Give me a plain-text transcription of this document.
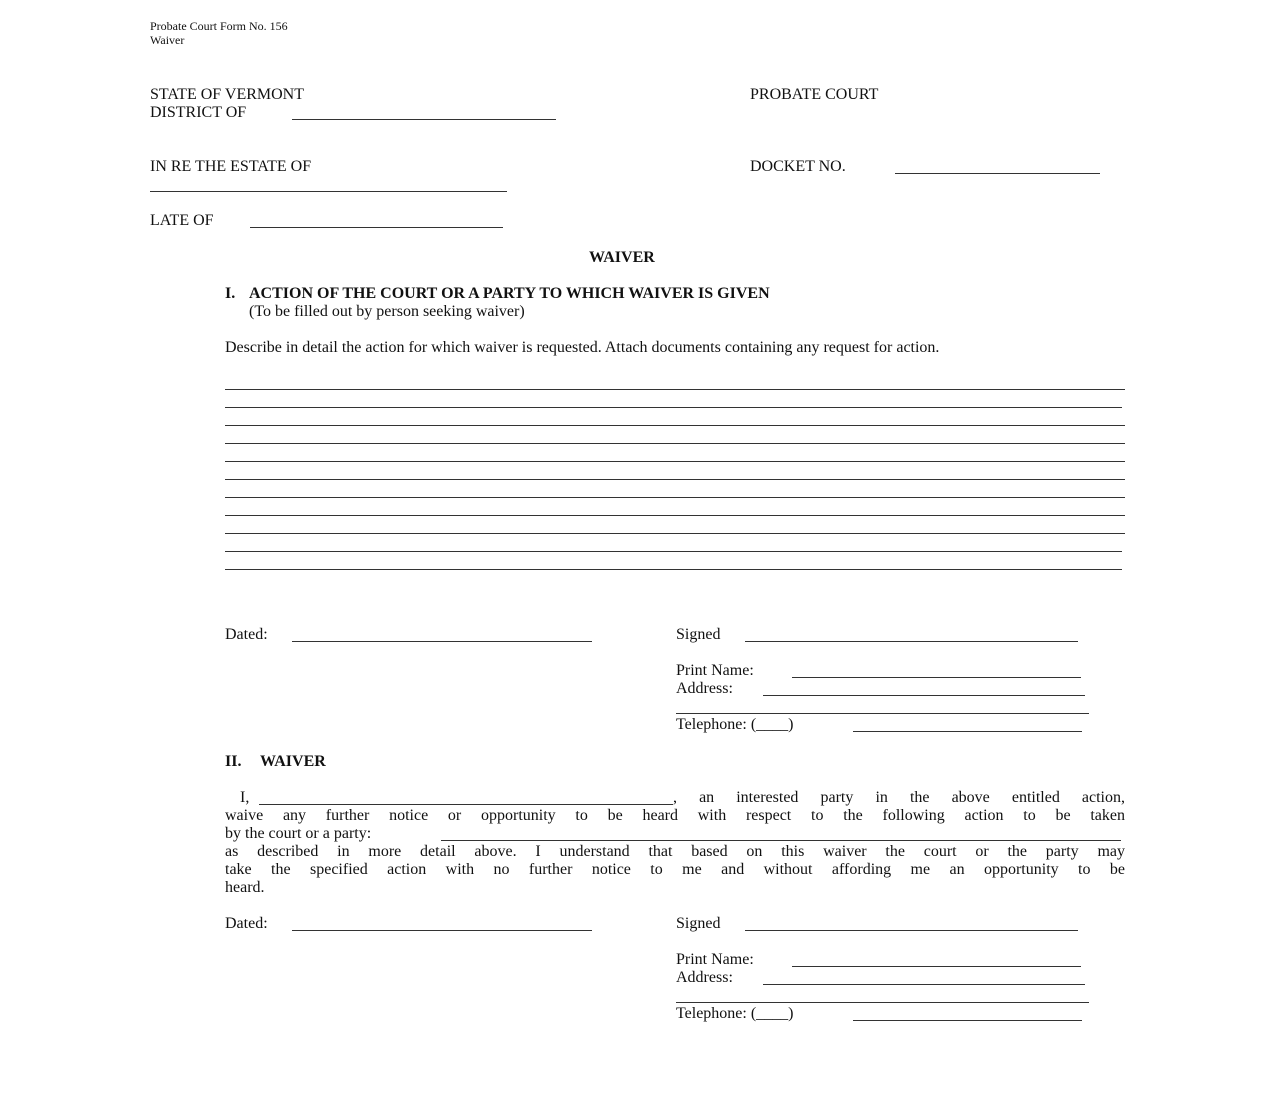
Probate Court Form No. 156
Waiver
STATE OF VERMONT
DISTRICT OF
PROBATE COURT
IN RE THE ESTATE OF	DOCKET NO.
LATE OF
WAIVER
I. ACTION OF THE COURT OR A PARTY TO WHICH WAIVER IS GIVEN
(To be filled out by person seeking waiver)
Describe in detail the action for which waiver is requested. Attach documents containing any request for action.
Dated:	Signed
Print Name:
Address:
Telephone: (____)
II. WAIVER
I,	, an interested party in the above entitled action,
waive any further notice or opportunity to be heard with respect to the following action to be taken
by the court or a party:
as described in more detail above. I understand that based on this waiver the court or the party may
take the specified action with no further notice to me and without affording me an opportunity to be
heard.
Dated:	Signed
Print Name:
Address:
Telephone: (____)
